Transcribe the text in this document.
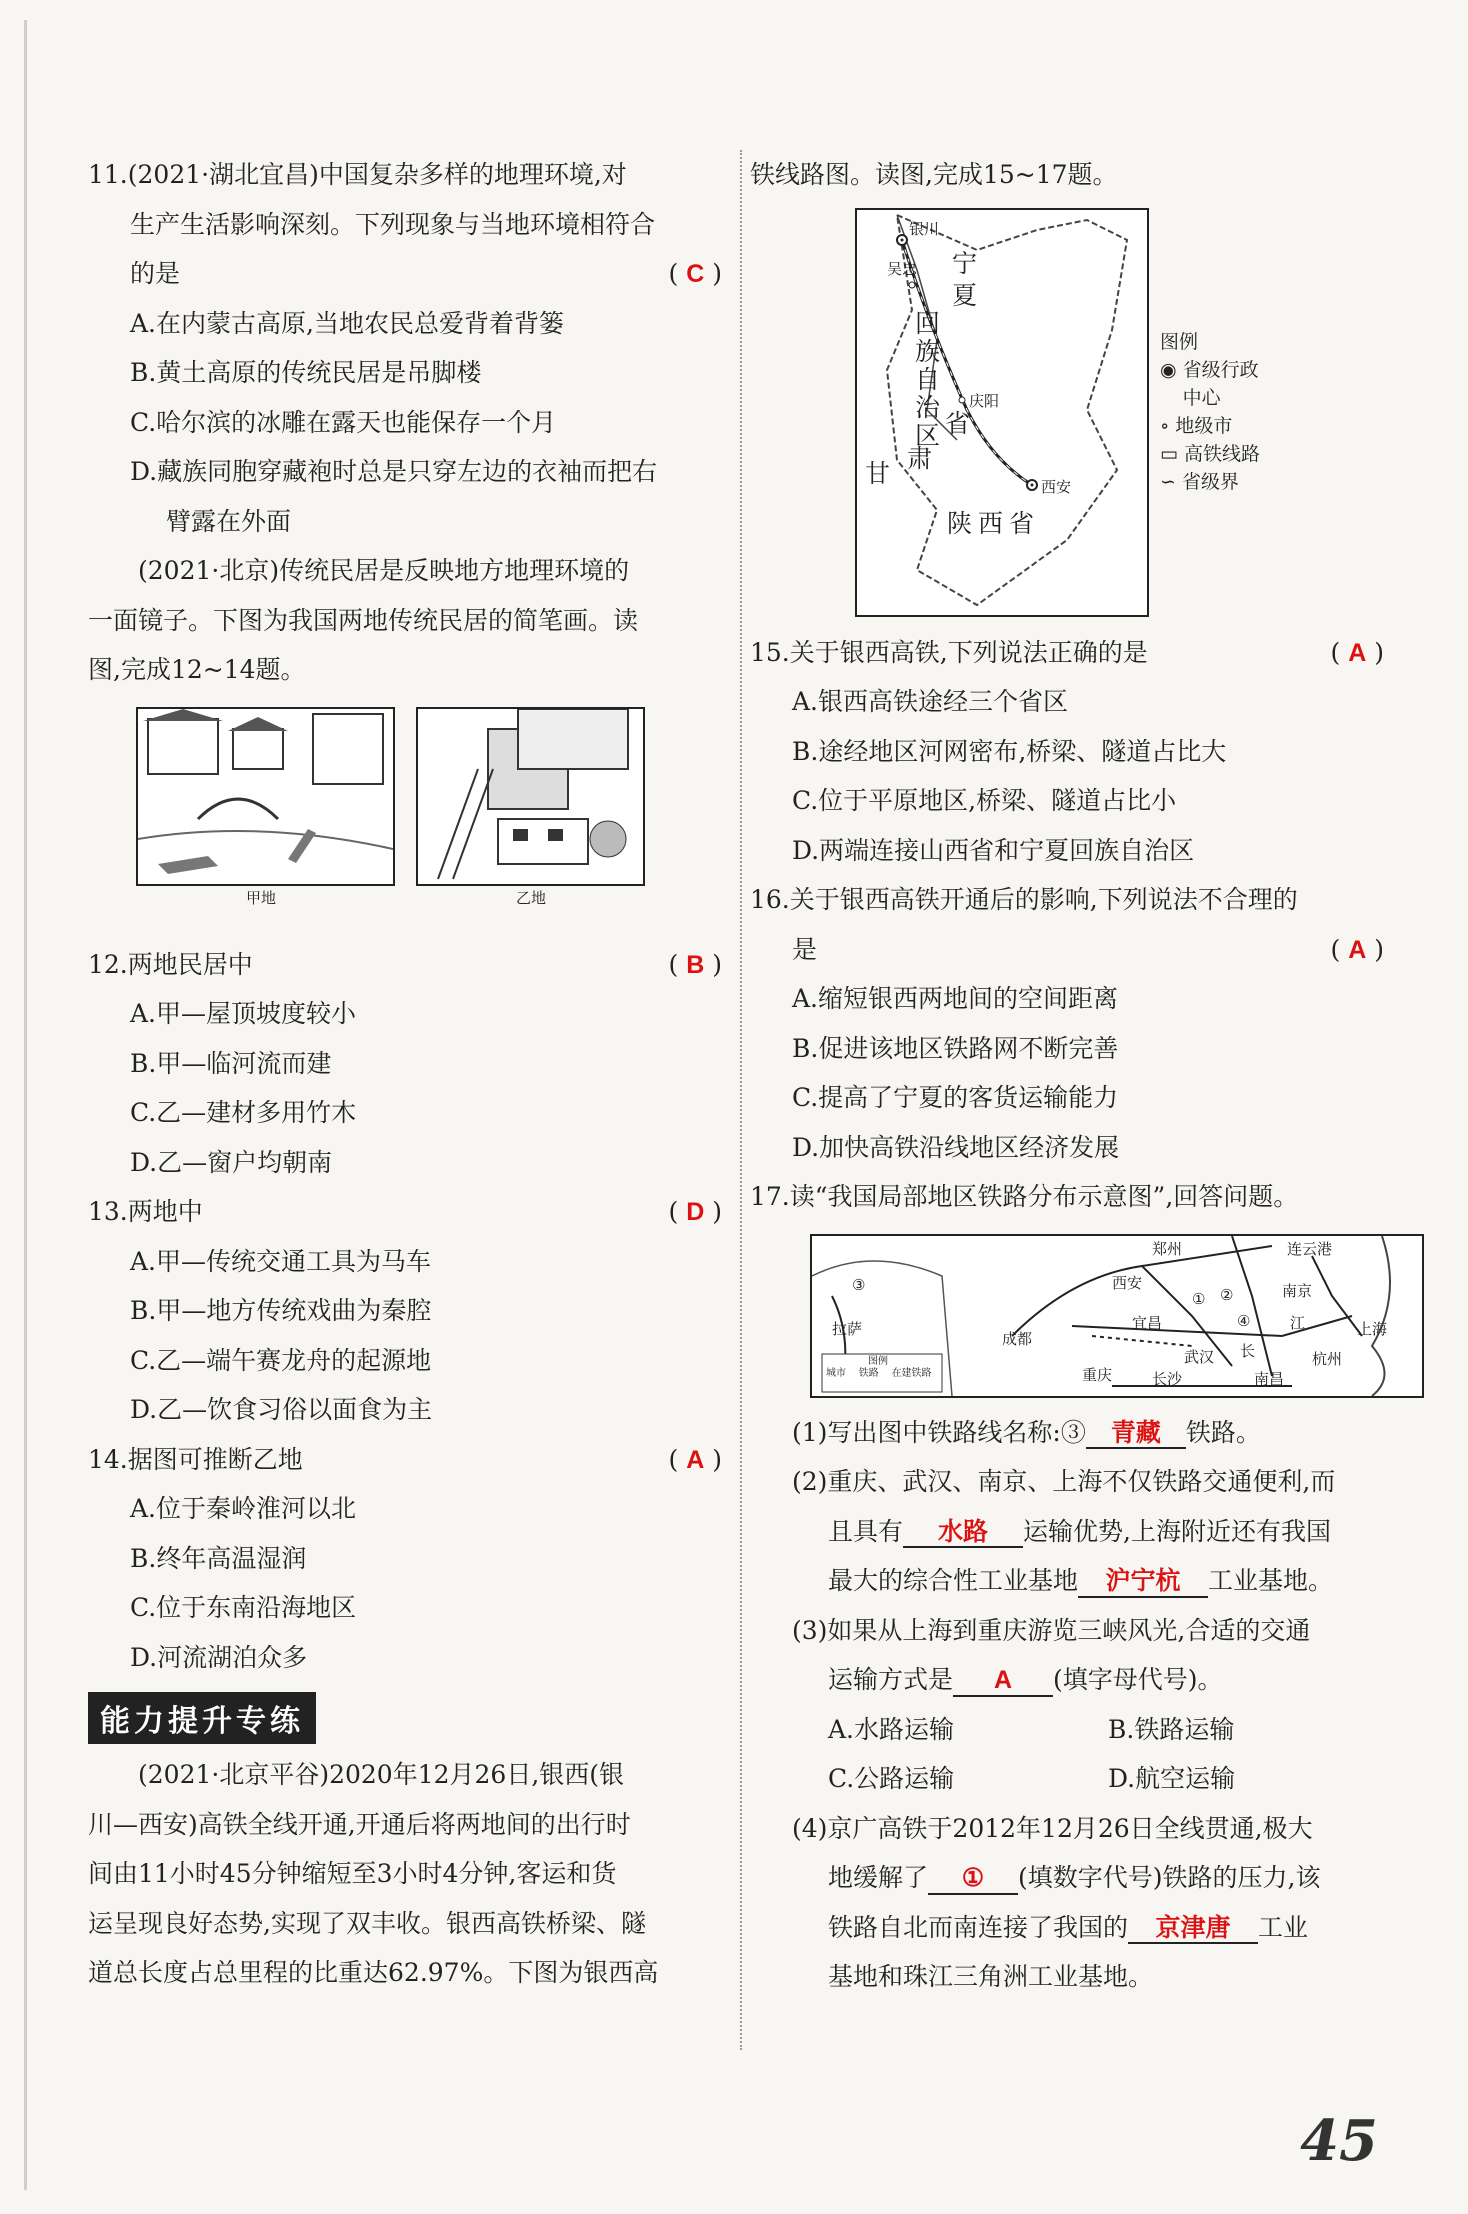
11.(2021·湖北宜昌)中国复杂多样的地理环境,对
生产生活影响深刻。下列现象与当地环境相符合
的是	( C )
A.在内蒙古高原,当地农民总爱背着背篓
B.黄土高原的传统民居是吊脚楼
C.哈尔滨的冰雕在露天也能保存一个月
D.藏族同胞穿藏袍时总是只穿左边的衣袖而把右
臂露在外面
(2021·北京)传统民居是反映地方地理环境的
一面镜子。下图为我国两地传统民居的简笔画。读
图,完成12~14题。
甲地	乙地
12.两地民居中	( B )
A.甲—屋顶坡度较小
B.甲—临河流而建
C.乙—建材多用竹木
D.乙—窗户均朝南
13.两地中	( D )
A.甲—传统交通工具为马车
B.甲—地方传统戏曲为秦腔
C.乙—端午赛龙舟的起源地
D.乙—饮食习俗以面食为主
14.据图可推断乙地	( A )
A.位于秦岭淮河以北
B.终年高温湿润
C.位于东南沿海地区
D.河流湖泊众多
能力提升专练
(2021·北京平谷)2020年12月26日,银西(银
川—西安)高铁全线开通,开通后将两地间的出行时
间由11小时45分钟缩短至3小时4分钟,客运和货
运呈现良好态势,实现了双丰收。银西高铁桥梁、隧
道总长度占总里程的比重达62.97%。下图为银西高
铁线路图。读图,完成15~17题。
银川
吴忠
庆阳
西安
宁
夏
回
族
自
治
区
甘
肃
省
陕西省
图例
◉ 省级行政中心
∘ 地级市
▭ 高铁线路
∽ 省级界
15.关于银西高铁,下列说法正确的是	( A )
A.银西高铁途经三个省区
B.途经地区河网密布,桥梁、隧道占比大
C.位于平原地区,桥梁、隧道占比小
D.两端连接山西省和宁夏回族自治区
16.关于银西高铁开通后的影响,下列说法不合理的
是	( A )
A.缩短银西两地间的空间距离
B.促进该地区铁路网不断完善
C.提高了宁夏的客货运输能力
D.加快高铁沿线地区经济发展
17.读“我国局部地区铁路分布示意图”,回答问题。
郑州	连云港
西安	南京
拉萨
成都
宜昌	江
重庆
武汉 长	杭州
上海
长沙	南昌
① ②
③
④
图例
城市 铁路 在建铁路
(1)写出图中铁路线名称:③ 青藏 铁路。
(2)重庆、武汉、南京、上海不仅铁路交通便利,而
且具有 水路 运输优势,上海附近还有我国
最大的综合性工业基地 沪宁杭 工业基地。
(3)如果从上海到重庆游览三峡风光,合适的交通
运输方式是 A (填字母代号)。
A.水路运输	B.铁路运输
C.公路运输	D.航空运输
(4)京广高铁于2012年12月26日全线贯通,极大
地缓解了 ① (填数字代号)铁路的压力,该
铁路自北而南连接了我国的 京津唐 工业
基地和珠江三角洲工业基地。
45
